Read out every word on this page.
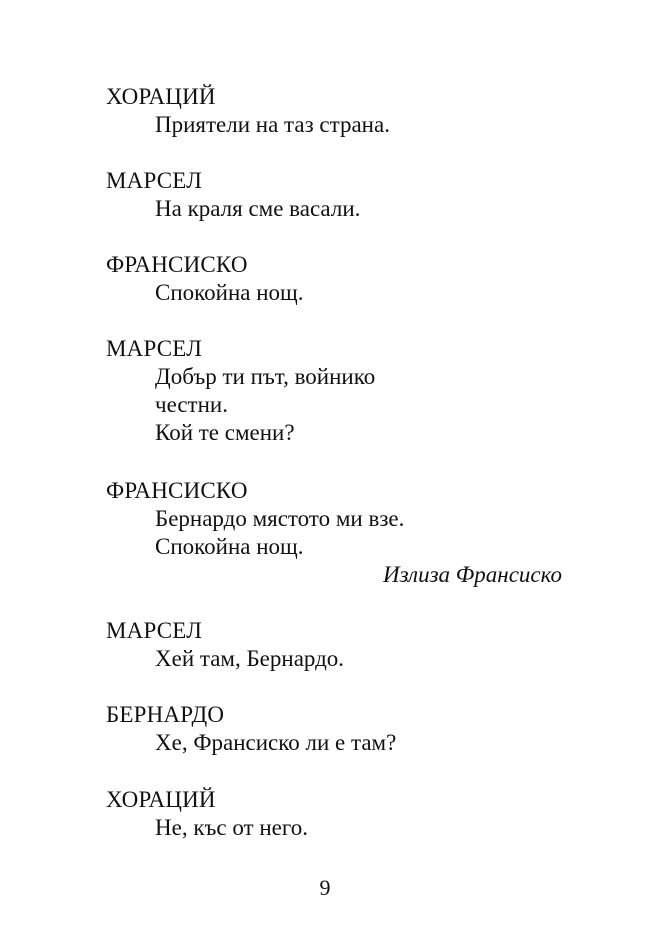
ХОРАЦИЙ
Приятели на таз страна.
МАРСЕЛ
На краля сме васали.
ФРАНСИСКО
Спокойна нощ.
МАРСЕЛ
Добър ти път, войнико
честни.
Кой те смени?
ФРАНСИСКО
Бернардо мястото ми взе.
Спокойна нощ.
Излиза Франсиско
МАРСЕЛ
Хей там, Бернардо.
БЕРНАРДО
Хе, Франсиско ли е там?
ХОРАЦИЙ
Не, къс от него.
9
